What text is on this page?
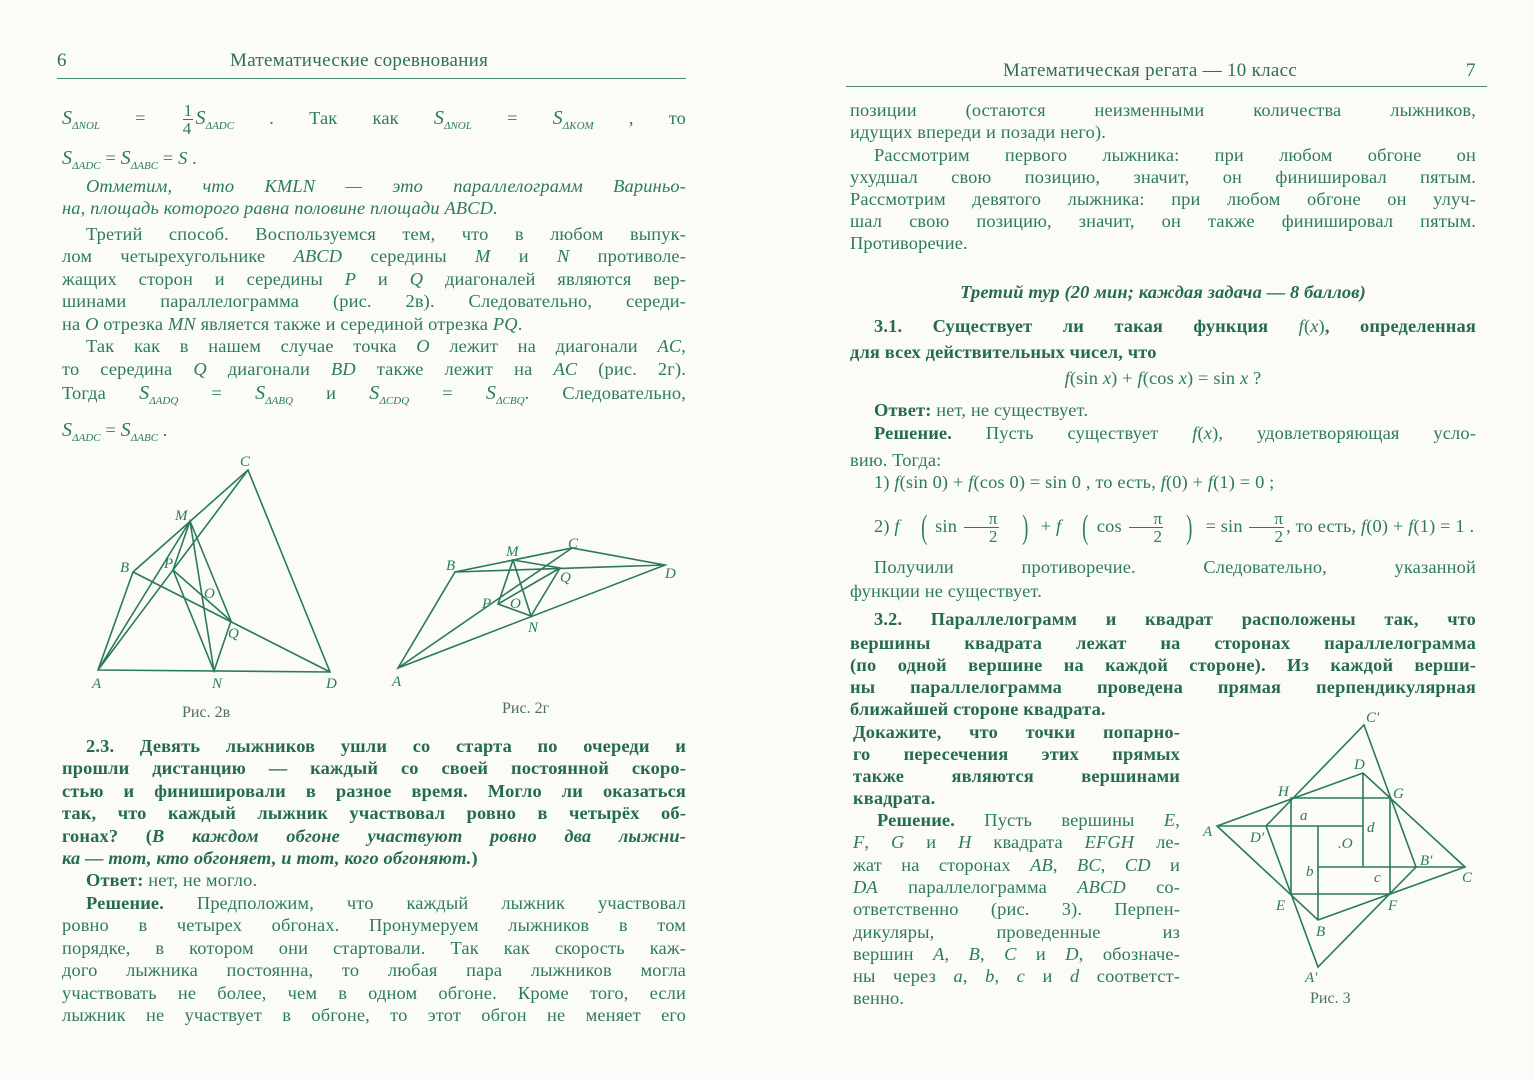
6	Математические соревнования
$S_{\Delta NOL} = \frac{1}{4} S_{\Delta ADC}$ . Так как $S_{\Delta NOL} = S_{\Delta KOM}$ , то
$S_{\Delta ADC} = S_{\Delta ABC} = S$ .
Отметим, что KMLN — это параллелограмм Вариньо-
на, площадь которого равна половине площади ABCD.
Третий способ. Воспользуемся тем, что в любом выпук-
лом четырехугольнике ABCD середины M и N противоле-
жащих сторон и середины P и Q диагоналей являются вер-
шинами параллелограмма (рис. 2в). Следовательно, середи-
на O отрезка MN является также и серединой отрезка PQ.
Так как в нашем случае точка O лежит на диагонали AC,
то середина Q диагонали BD также лежит на AC (рис. 2г).
Тогда $S_{\Delta ADQ} = S_{\Delta ABQ}$ и $S_{\Delta CDQ} = S_{\Delta CBQ}$. Следовательно,
$S_{\Delta ADC} = S_{\Delta ABC}$ .
2.3. Девять лыжников ушли со старта по очереди и
прошли дистанцию — каждый со своей постоянной скоро-
стью и финишировали в разное время. Могло ли оказаться
так, что каждый лыжник участвовал ровно в четырёх об-
гонах? (В каждом обгоне участвуют ровно два лыжни-
ка — тот, кто обгоняет, и тот, кого обгоняют.)
Ответ: нет, не могло.
Решение. Предположим, что каждый лыжник участвовал
ровно в четырех обгонах. Пронумеруем лыжников в том
порядке, в котором они стартовали. Так как скорость каж-
дого лыжника постоянна, то любая пара лыжников могла
участвовать не более, чем в одном обгоне. Кроме того, если
лыжник не участвует в обгоне, то этот обгон не меняет его
C
M
B P
O
Q
A	N	D
Рис. 2в
B
M	C
D
Q
P O
N
A
Рис. 2г
Математическая регата — 10 класс	7
позиции (остаются неизменными количества лыжников,
идущих впереди и позади него).
Рассмотрим первого лыжника: при любом обгоне он
ухудшал свою позицию, значит, он финишировал пятым.
Рассмотрим девятого лыжника: при любом обгоне он улуч-
шал свою позицию, значит, он также финишировал пятым.
Противоречие.
Третий тур (20 мин; каждая задача — 8 баллов)
3.1. Существует ли такая функция f(x), определенная
для всех действительных чисел, что
f(sin x) + f(cos x) = sin x ?
Ответ: нет, не существует.
Решение. Пусть существует f(x), удовлетворяющая усло-
вию. Тогда:
1) f(sin 0) + f(cos 0) = sin 0 , то есть, f(0) + f(1) = 0 ;
2) f ( $\sin \frac{\pi}{2}$ ) + f ( $\cos \frac{\pi}{2}$ ) = $\sin \frac{\pi}{2}$ , то есть, f(0) + f(1) = 1 .
Получили противоречие. Следовательно, указанной
функции не существует.
3.2. Параллелограмм и квадрат расположены так, что
вершины квадрата лежат на сторонах параллелограмма
(по одной вершине на каждой стороне). Из каждой верши-
ны параллелограмма проведена прямая перпендикулярная
ближайшей стороне квадрата.
Докажите, что точки попарно-
го пересечения этих прямых
также являются вершинами
квадрата.
Решение. Пусть вершины E,
F, G и H квадрата EFGH ле-
жат на сторонах AB, BC, CD и
DA параллелограмма ABCD со-
ответственно (рис. 3). Перпен-
дикуляры, проведенные из
вершин A, B, C и D, обозначе-
ны через a, b, c и d соответст-
венно.
C′
D
H	G
a
A	D′
d
.O
B′
C
b	c
E	F
B
A′
Рис. 3
